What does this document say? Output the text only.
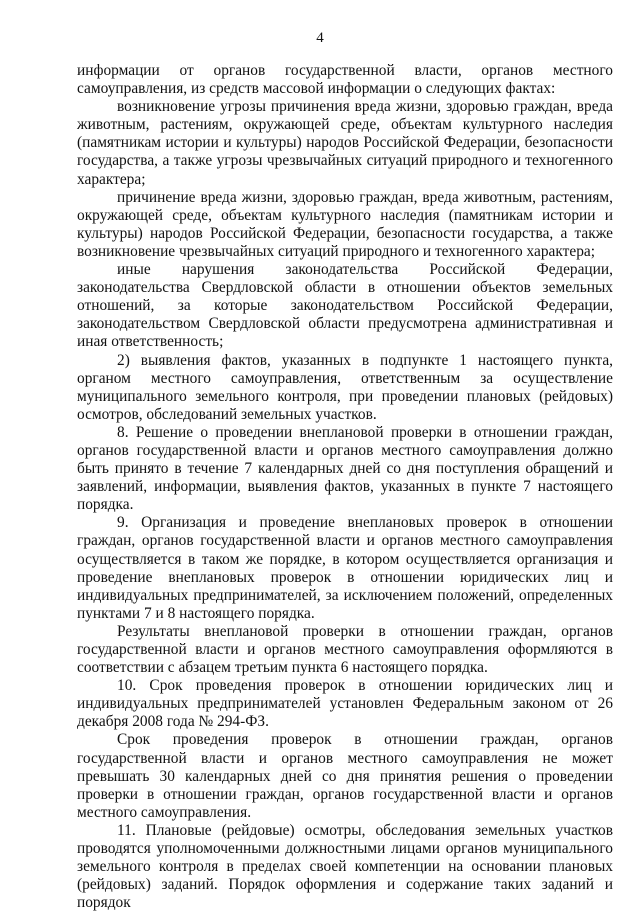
4

информации от органов государственной власти, органов местного самоуправления, из средств массовой информации о следующих фактах:

возникновение угрозы причинения вреда жизни, здоровью граждан, вреда животным, растениям, окружающей среде, объектам культурного наследия (памятникам истории и культуры) народов Российской Федерации, безопасности государства, а также угрозы чрезвычайных ситуаций природного и техногенного характера;

причинение вреда жизни, здоровью граждан, вреда животным, растениям, окружающей среде, объектам культурного наследия (памятникам истории и культуры) народов Российской Федерации, безопасности государства, а также возникновение чрезвычайных ситуаций природного и техногенного характера;

иные нарушения законодательства Российской Федерации, законодательства Свердловской области в отношении объектов земельных отношений, за которые законодательством Российской Федерации, законодательством Свердловской области предусмотрена административная и иная ответственность;

2) выявления фактов, указанных в подпункте 1 настоящего пункта, органом местного самоуправления, ответственным за осуществление муниципального земельного контроля, при проведении плановых (рейдовых) осмотров, обследований земельных участков.

8. Решение о проведении внеплановой проверки в отношении граждан, органов государственной власти и органов местного самоуправления должно быть принято в течение 7 календарных дней со дня поступления обращений и заявлений, информации, выявления фактов, указанных в пункте 7 настоящего порядка.

9. Организация и проведение внеплановых проверок в отношении граждан, органов государственной власти и органов местного самоуправления осуществляется в таком же порядке, в котором осуществляется организация и проведение внеплановых проверок в отношении юридических лиц и индивидуальных предпринимателей, за исключением положений, определенных пунктами 7 и 8 настоящего порядка.

Результаты внеплановой проверки в отношении граждан, органов государственной власти и органов местного самоуправления оформляются в соответствии с абзацем третьим пункта 6 настоящего порядка.

10. Срок проведения проверок в отношении юридических лиц и индивидуальных предпринимателей установлен Федеральным законом от 26 декабря 2008 года № 294-ФЗ.

Срок проведения проверок в отношении граждан, органов государственной власти и органов местного самоуправления не может превышать 30 календарных дней со дня принятия решения о проведении проверки в отношении граждан, органов государственной власти и органов местного самоуправления.

11. Плановые (рейдовые) осмотры, обследования земельных участков проводятся уполномоченными должностными лицами органов муниципального земельного контроля в пределах своей компетенции на основании плановых (рейдовых) заданий. Порядок оформления и содержание таких заданий и порядок
